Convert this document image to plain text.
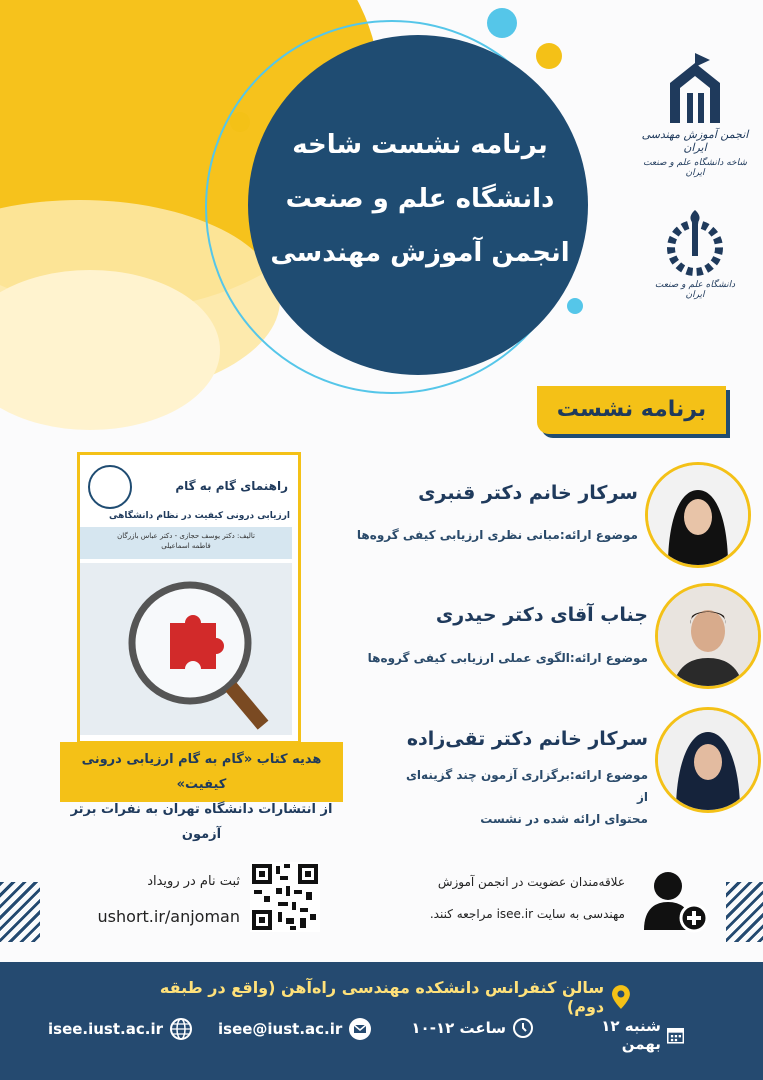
برنامه نشست شاخه
دانشگاه علم و صنعت
انجمن آموزش مهندسی
انجمن آموزش مهندسی ایران
شاخه دانشگاه علم و صنعت ایران
دانشگاه علم و صنعت ایران
برنامه نشست
سرکار خانم دکتر قنبری
موضوع ارائه:مبانی نظری ارزیابی کیفی گروه‌ها
جناب آقای دکتر حیدری
موضوع ارائه:الگوی عملی ارزیابی کیفی گروه‌ها
سرکار خانم دکتر تقی‌زاده
موضوع ارائه:برگزاری آزمون چند گزینه‌ای از
محتوای ارائه شده در نشست
راهنمای گام به گام
ارزیابی درونی کیفیت در نظام دانشگاهی
تالیف: دکتر یوسف حجازی - دکتر عباس بازرگان
فاطمه اسماعیلی
هدیه کتاب «گام به گام ارزیابی درونی کیفیت»
از انتشارات دانشگاه تهران به نفرات برتر آزمون
علاقه‌مندان عضویت در انجمن آموزش
مهندسی به سایت isee.ir مراجعه کنند.
ثبت نام در رویداد
ushort.ir/anjoman
سالن کنفرانس دانشکده مهندسی راه‌آهن (واقع در طبقه دوم)
شنبه ۱۲ بهمن
ساعت ۱۲-۱۰
isee@iust.ac.ir
isee.iust.ac.ir
